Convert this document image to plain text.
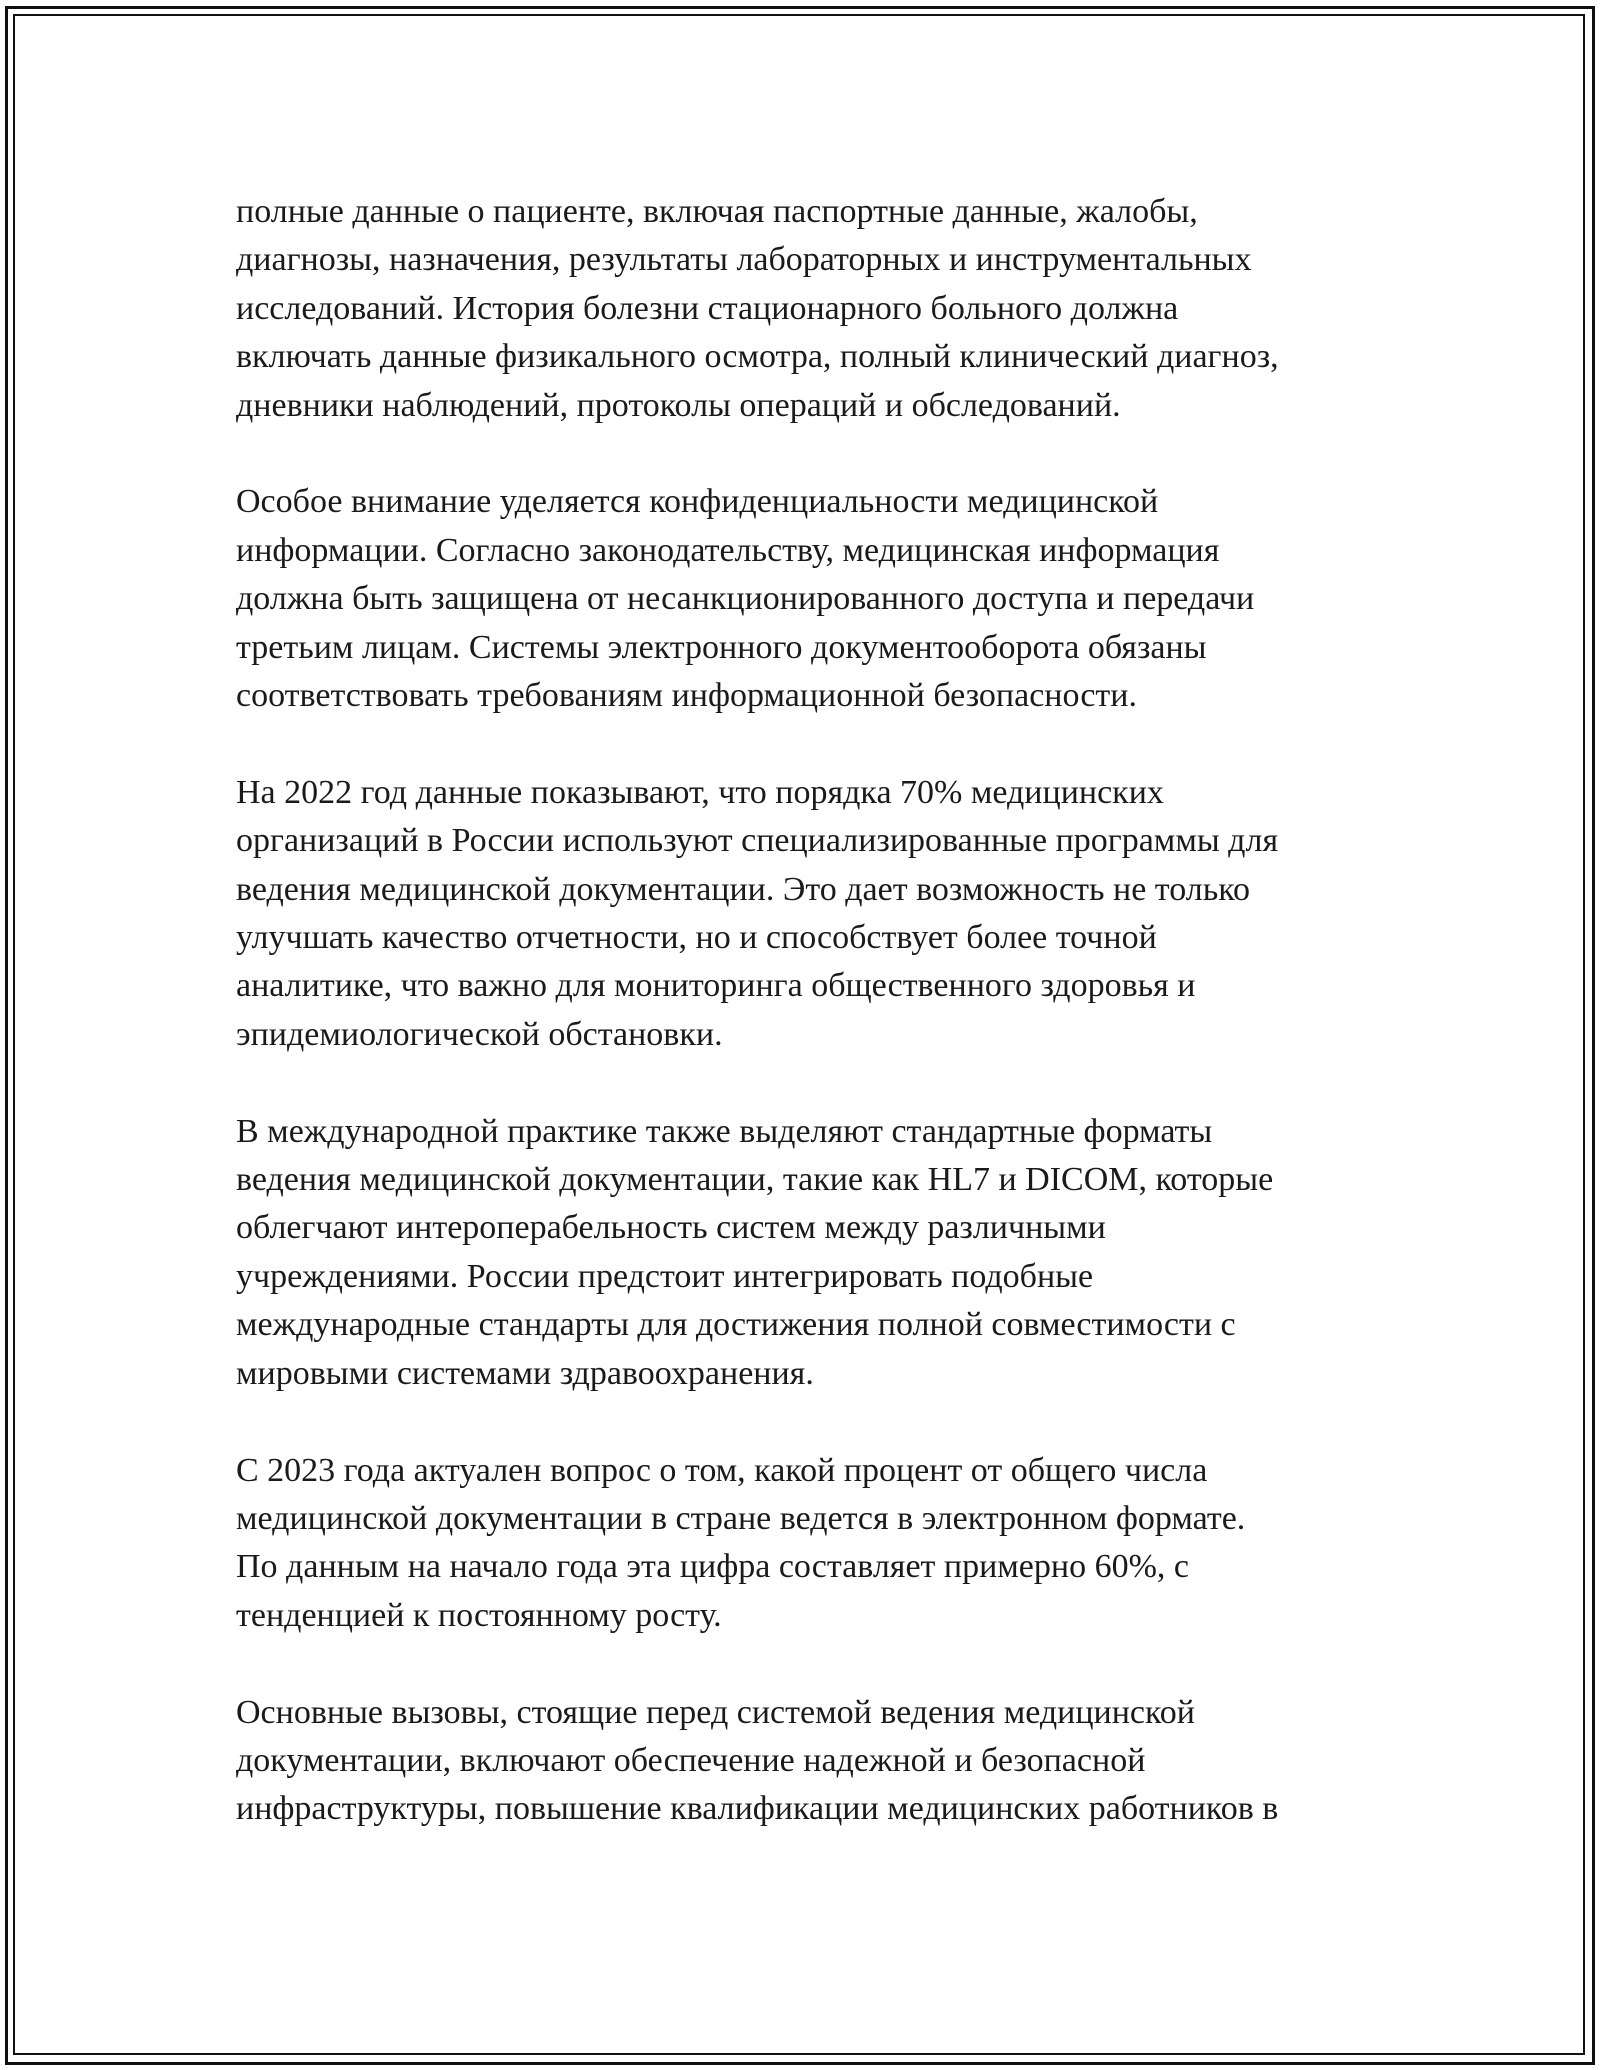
полные данные о пациенте, включая паспортные данные, жалобы,
диагнозы, назначения, результаты лабораторных и инструментальных
исследований. История болезни стационарного больного должна
включать данные физикального осмотра, полный клинический диагноз,
дневники наблюдений, протоколы операций и обследований.

Особое внимание уделяется конфиденциальности медицинской
информации. Согласно законодательству, медицинская информация
должна быть защищена от несанкционированного доступа и передачи
третьим лицам. Системы электронного документооборота обязаны
соответствовать требованиям информационной безопасности.

На 2022 год данные показывают, что порядка 70% медицинских
организаций в России используют специализированные программы для
ведения медицинской документации. Это дает возможность не только
улучшать качество отчетности, но и способствует более точной
аналитике, что важно для мониторинга общественного здоровья и
эпидемиологической обстановки.

В международной практике также выделяют стандартные форматы
ведения медицинской документации, такие как HL7 и DICOM, которые
облегчают интероперабельность систем между различными
учреждениями. России предстоит интегрировать подобные
международные стандарты для достижения полной совместимости с
мировыми системами здравоохранения.

С 2023 года актуален вопрос о том, какой процент от общего числа
медицинской документации в стране ведется в электронном формате.
По данным на начало года эта цифра составляет примерно 60%, с
тенденцией к постоянному росту.

Основные вызовы, стоящие перед системой ведения медицинской
документации, включают обеспечение надежной и безопасной
инфраструктуры, повышение квалификации медицинских работников в
